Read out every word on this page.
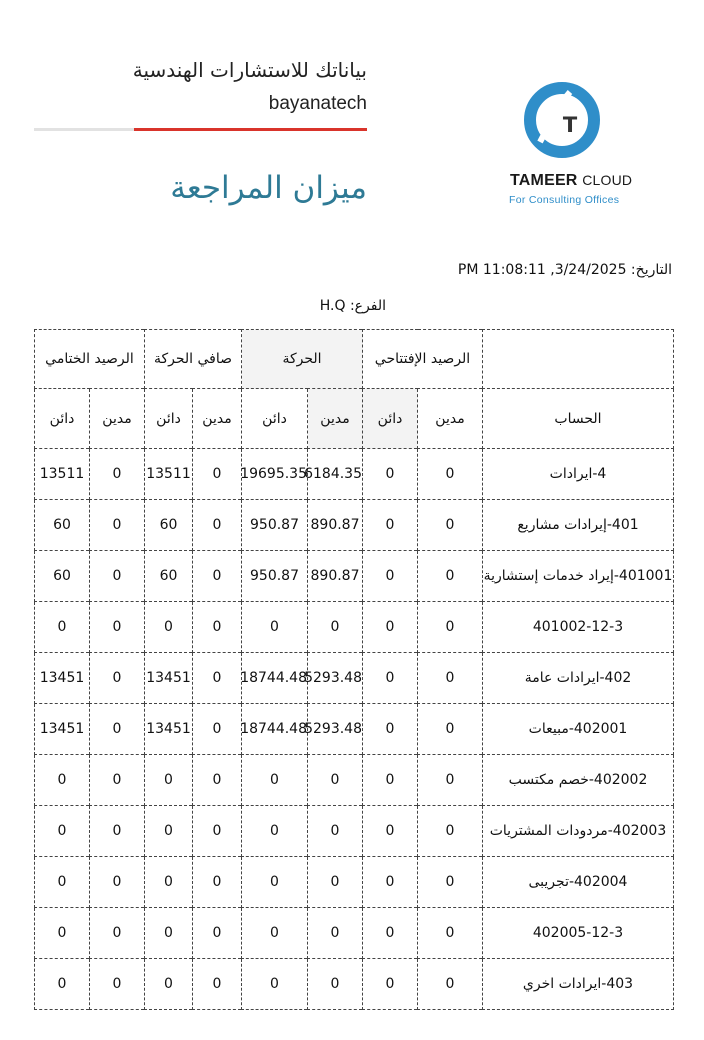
T
TAMEER CLOUD
For Consulting Offices
بياناتك للاستشارات الهندسية
bayanatech
ميزان المراجعة
التاريخ: 3/24/2025, 11:08:11 PM
الفرع: H.Q
	الرصيد الإفتتاحي		الحركة		صافي الحركة		الرصيد الختامي	
الحساب	مدين	دائن	مدين	دائن	مدين	دائن	مدين	دائن
4-ايرادات	0	0	6184.35	19695.35	0	13511	0	13511
401-إيرادات مشاريع	0	0	890.87	950.87	0	60	0	60
401001-إيراد خدمات إستشارية	0	0	890.87	950.87	0	60	0	60
401002-12-3	0	0	0	0	0	0	0	0
402-ايرادات عامة	0	0	5293.48	18744.48	0	13451	0	13451
402001-مبيعات	0	0	5293.48	18744.48	0	13451	0	13451
402002-خصم مكتسب	0	0	0	0	0	0	0	0
402003-مردودات المشتريات	0	0	0	0	0	0	0	0
402004-تجريبى	0	0	0	0	0	0	0	0
402005-12-3	0	0	0	0	0	0	0	0
403-ايرادات اخري	0	0	0	0	0	0	0	0
